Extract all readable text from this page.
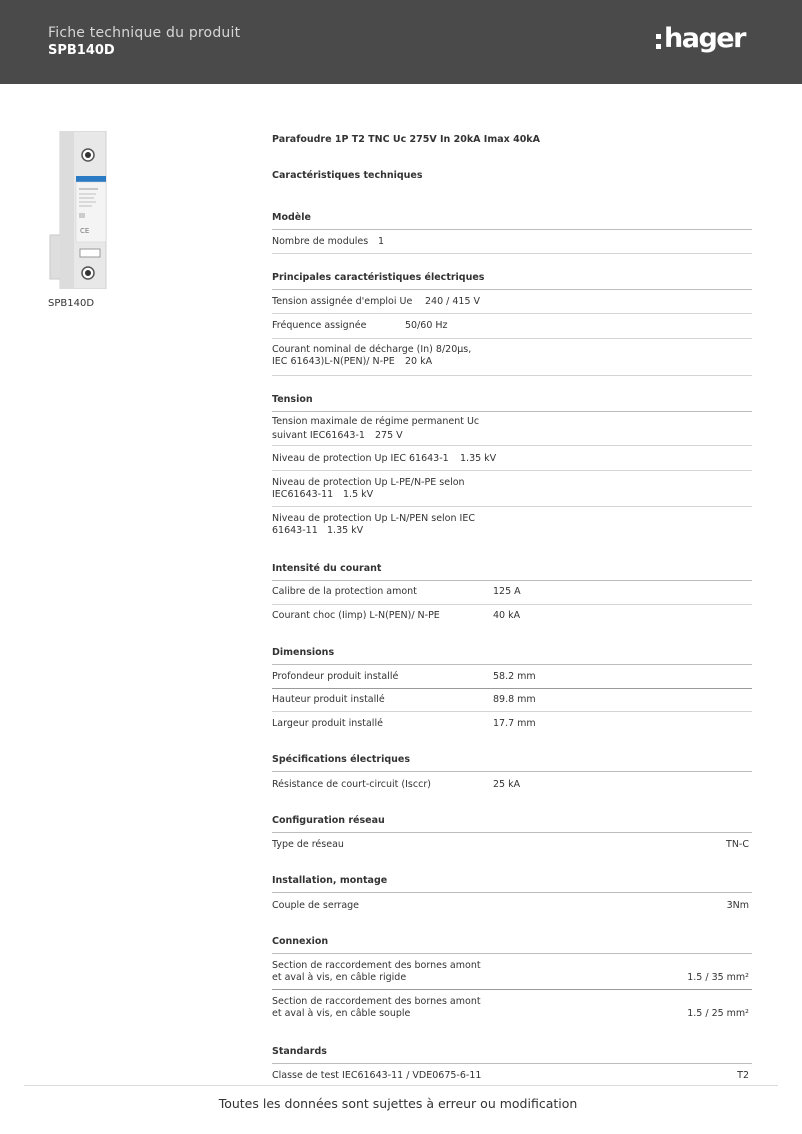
Fiche technique du produit
SPB140D	hager
CE
SPB140D
Parafoudre 1P T2 TNC Uc 275V In 20kA Imax 40kA
Caractéristiques techniques
Modèle
Nombre de modules 1
Principales caractéristiques électriques
Tension assignée d'emploi Ue 240 / 415 V
Fréquence assignée	50/60 Hz
Courant nominal de décharge (In) 8/20µs,
IEC 61643)L-N(PEN)/ N-PE 20 kA
Tension
Tension maximale de régime permanent Uc
suivant IEC61643-1 275 V
Niveau de protection Up IEC 61643-1 1.35 kV
Niveau de protection Up L-PE/N-PE selon
IEC61643-11 1.5 kV
Niveau de protection Up L-N/PEN selon IEC
61643-11 1.35 kV
Intensité du courant
Calibre de la protection amont	125 A
Courant choc (Iimp) L-N(PEN)/ N-PE	40 kA
Dimensions
Profondeur produit installé	58.2 mm
Hauteur produit installé	89.8 mm
Largeur produit installé	17.7 mm
Spécifications électriques
Résistance de court-circuit (Isccr)	25 kA
Configuration réseau
Type de réseau	TN-C
Installation, montage
Couple de serrage	3Nm
Connexion
Section de raccordement des bornes amont
et aval à vis, en câble rigide	1.5 / 35 mm²
Section de raccordement des bornes amont
et aval à vis, en câble souple	1.5 / 25 mm²
Standards
Classe de test IEC61643-11 / VDE0675-6-11	T2
Toutes les données sont sujettes à erreur ou modification
